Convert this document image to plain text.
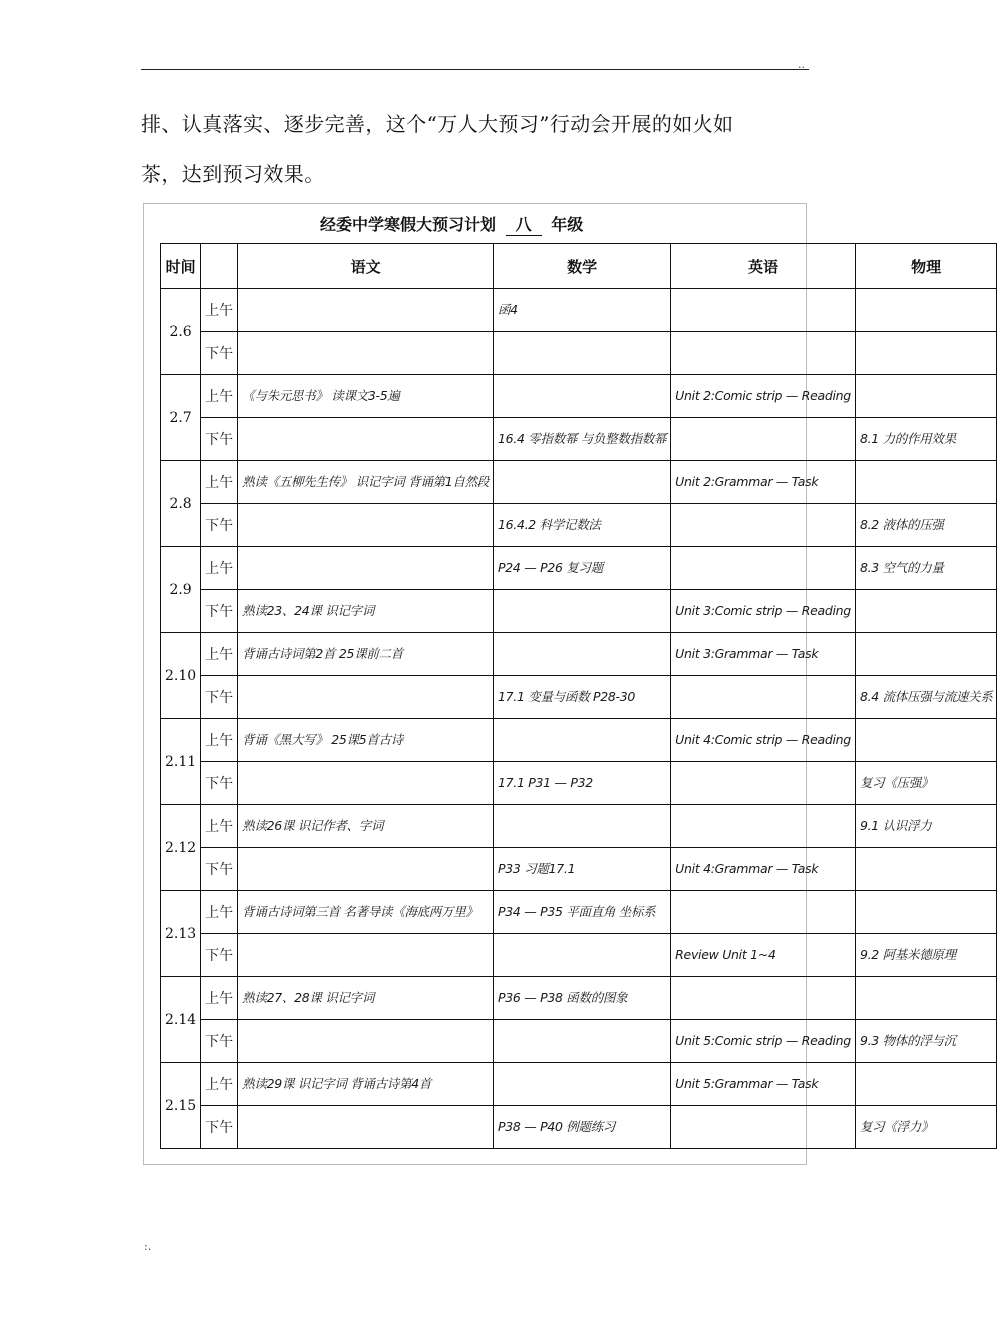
..
排、认真落实、逐步完善，这个“万人大预习”行动会开展的如火如
茶，达到预习效果。
经委中学寒假大预习计划 八 年级
时间		语文	数学	英语	物理
2.6	上午		函4		
	下午				
2.7	上午	《与朱元思书》 读课文3-5遍		Unit 2:Comic strip — Reading	
	下午		16.4 零指数幂 与负整数指数幂		8.1 力的作用效果
2.8	上午	熟读《五柳先生传》 识记字词 背诵第1自然段		Unit 2:Grammar — Task	
	下午		16.4.2 科学记数法		8.2 液体的压强
2.9	上午		P24 — P26 复习题		8.3 空气的力量
	下午	熟读23、24课 识记字词		Unit 3:Comic strip — Reading	
2.10	上午	背诵古诗词第2首 25课前二首		Unit 3:Grammar — Task	
	下午		17.1 变量与函数 P28-30		8.4 流体压强与流速关系
2.11	上午	背诵《黑大写》 25课5首古诗		Unit 4:Comic strip — Reading	
	下午		17.1 P31 — P32		复习《压强》
2.12	上午	熟读26课 识记作者、字词			9.1 认识浮力
	下午		P33 习题17.1	Unit 4:Grammar — Task	
2.13	上午	背诵古诗词第三首 名著导读《海底两万里》	P34 — P35 平面直角 坐标系		
	下午			Review Unit 1~4	9.2 阿基米德原理
2.14	上午	熟读27、28课 识记字词	P36 — P38 函数的图象		
	下午			Unit 5:Comic strip — Reading	9.3 物体的浮与沉
2.15	上午	熟读29课 识记字词 背诵古诗第4首		Unit 5:Grammar — Task	
	下午		P38 — P40 例题练习		复习《浮力》
:.
